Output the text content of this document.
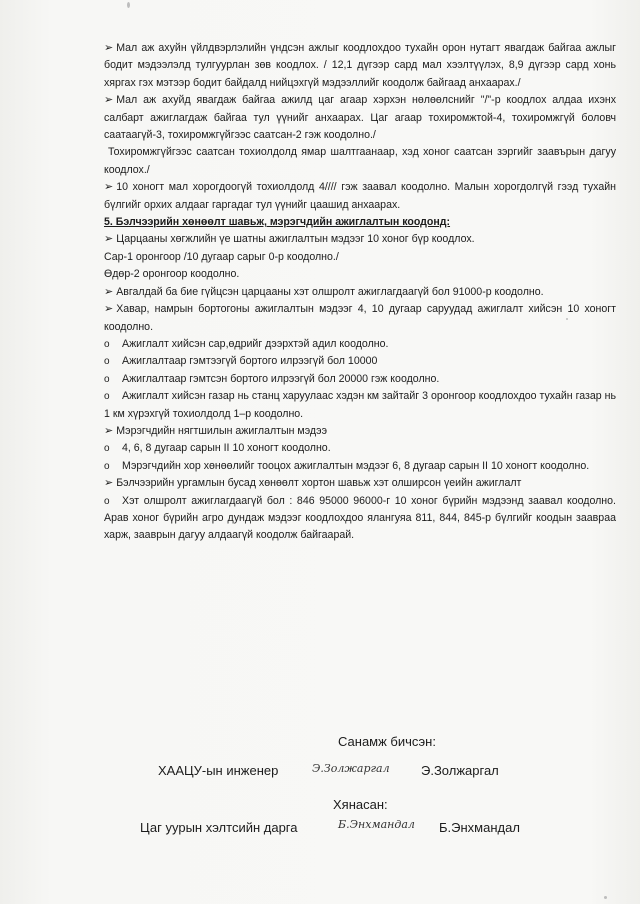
➢ Мал аж ахуйн үйлдвэрлэлийн үндсэн ажлыг коодлохдоо тухайн орон нутагт явагдаж байгаа ажлыг бодит мэдээлэлд тулгуурлан зөв коодлох. / 12,1 дүгээр сард мал хээлтүүлэх, 8,9 дүгээр сард хонь хяргах гэх мэтээр бодит байдалд нийцэхгүй мэдээллийг коодолж байгаад анхаарах./

➢ Мал аж ахуйд явагдаж байгаа ажилд цаг агаар хэрхэн нөлөөлснийг "/"-р коодлох алдаа ихэнх салбарт ажиглагдаж байгаа тул үүнийг анхаарах. Цаг агаар тохиромжтой-4, тохиромжгүй боловч саатаагүй-3, тохиромжгүйгээс саатсан-2 гэж коодолно./

Тохиромжгүйгээс саатсан тохиолдолд ямар шалтгаанаар, хэд хоног саатсан зэргийг заавърын дагуу коодлох./

➢ 10 хоногт мал хорогдоогүй тохиолдолд 4//// гэж заавал коодолно. Малын хорогдолгүй гээд тухайн бүлгийг орхих алдааг гаргадаг тул үүнийг цаашид анхаарах.

5. Бэлчээрийн хөнөөлт шавьж, мэрэгчдийн ажиглалтын коодонд:

➢ Царцааны хөгжлийн үе шатны ажиглалтын мэдээг 10 хоног бүр коодлох.

Сар-1 оронгоор /10 дугаар сарыг 0-р коодолно./

Өдөр-2 оронгоор коодолно.

➢ Авгалдай ба бие гүйцсэн царцааны хэт олшролт ажиглагдаагүй бол 91000-р коодолно.

➢ Хавар, намрын бортогоны ажиглалтын мэдээг 4, 10 дугаар саруудад ажиглалт хийсэн 10 хоногт коодолно.

o Ажиглалт хийсэн сар,өдрийг дээрхтэй адил коодолно.

o Ажиглалтаар гэмтээгүй бортого илрээгүй бол 10000

o Ажиглалтаар гэмтсэн бортого илрээгүй бол 20000 гэж коодолно.

o Ажиглалт хийсэн газар нь станц харуулаас хэдэн км зайтайг 3 оронгоор коодлохдоо тухайн газар нь 1 км хүрэхгүй тохиолдолд 1–р коодолно.

➢ Мэрэгчдийн нягтшилын ажиглалтын мэдээ

o 4, 6, 8 дугаар сарын II 10 хоногт коодолно.

o Мэрэгчдийн хор хөнөөлийг тооцох ажиглалтын мэдээг 6, 8 дугаар сарын II 10 хоногт коодолно.

➢ Бэлчээрийн ургамлын бусад хөнөөлт хортон шавьж хэт олширсон үеийн ажиглалт

o Хэт олшролт ажиглагдаагүй бол : 846 95000 96000-г 10 хоног бүрийн мэдээнд заавал коодолно. Арав хоног бүрийн агро дундаж мэдээг коодлохдоо ялангуяа 811, 844, 845-р бүлгийг коодын зааврaa харж, зааврын дагуу алдаагүй коодолж байгаарай.

Санамж бичсэн:
ХААЦУ-ын инженер	Э.Золжаргал Э.Золжаргал
Хянасан:
Цаг уурын хэлтсийн дарга	Б.Энхмандал Б.Энхмандал
